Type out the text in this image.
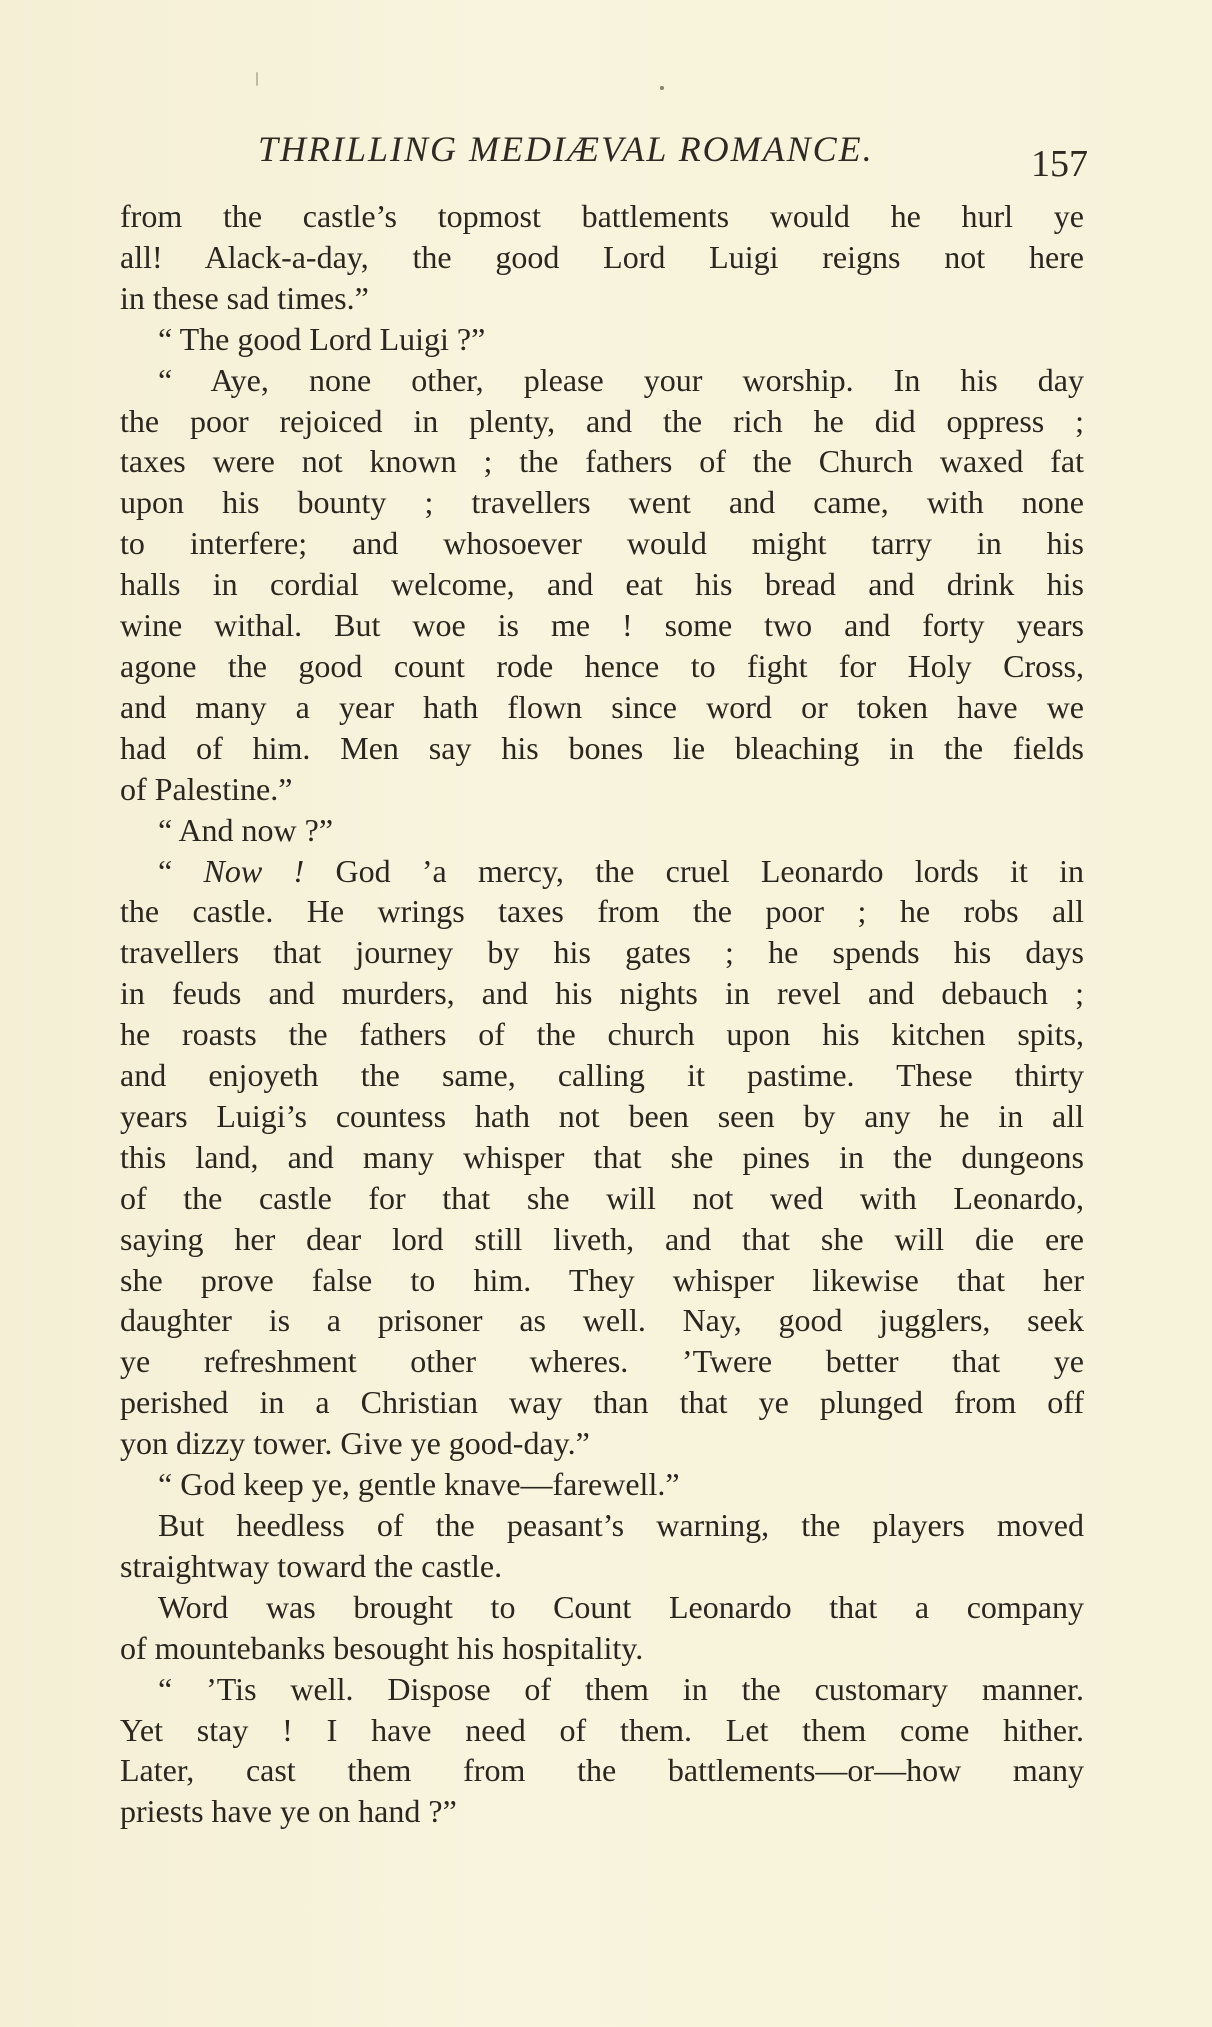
THRILLING MEDIÆVAL ROMANCE.	157
from the castle’s topmost battlements would he hurl ye
all! Alack-a-day, the good Lord Luigi reigns not here
in these sad times.”
“ The good Lord Luigi ?”
“ Aye, none other, please your worship. In his day
the poor rejoiced in plenty, and the rich he did oppress ;
taxes were not known ; the fathers of the Church waxed fat
upon his bounty ; travellers went and came, with none
to interfere; and whosoever would might tarry in his
halls in cordial welcome, and eat his bread and drink his
wine withal. But woe is me ! some two and forty years
agone the good count rode hence to fight for Holy Cross,
and many a year hath flown since word or token have we
had of him. Men say his bones lie bleaching in the fields
of Palestine.”
“ And now ?”
“ Now ! God ’a mercy, the cruel Leonardo lords it in
the castle. He wrings taxes from the poor ; he robs all
travellers that journey by his gates ; he spends his days
in feuds and murders, and his nights in revel and debauch ;
he roasts the fathers of the church upon his kitchen spits,
and enjoyeth the same, calling it pastime. These thirty
years Luigi’s countess hath not been seen by any he in all
this land, and many whisper that she pines in the dungeons
of the castle for that she will not wed with Leonardo,
saying her dear lord still liveth, and that she will die ere
she prove false to him. They whisper likewise that her
daughter is a prisoner as well. Nay, good jugglers, seek
ye refreshment other wheres. ’Twere better that ye
perished in a Christian way than that ye plunged from off
yon dizzy tower. Give ye good-day.”
“ God keep ye, gentle knave—farewell.”
But heedless of the peasant’s warning, the players moved
straightway toward the castle.
Word was brought to Count Leonardo that a company
of mountebanks besought his hospitality.
“ ’Tis well. Dispose of them in the customary manner.
Yet stay ! I have need of them. Let them come hither.
Later, cast them from the battlements—or—how many
priests have ye on hand ?”
